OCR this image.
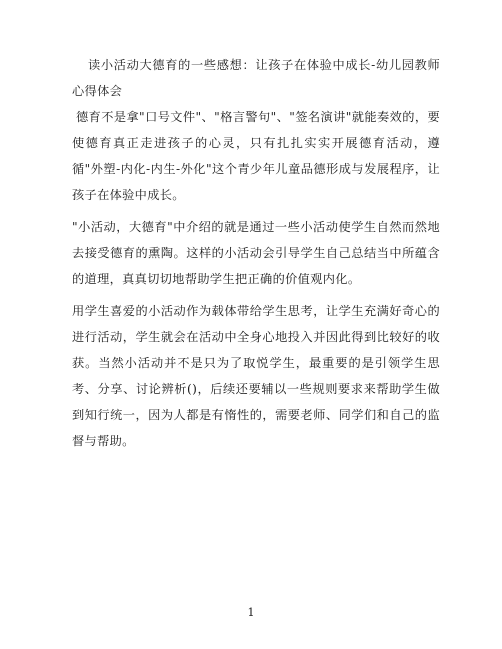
读小活动大德育的一些感想：让孩子在体验中成长-幼儿园教师心得体会

德育不是拿"口号文件"、"格言警句"、"签名演讲"就能奏效的，要使德育真正走进孩子的心灵，只有扎扎实实开展德育活动，遵循"外塑-内化-内生-外化"这个青少年儿童品德形成与发展程序，让孩子在体验中成长。

"小活动，大德育"中介绍的就是通过一些小活动使学生自然而然地去接受德育的熏陶。这样的小活动会引导学生自己总结当中所蕴含的道理，真真切切地帮助学生把正确的价值观内化。

用学生喜爱的小活动作为载体带给学生思考，让学生充满好奇心的进行活动，学生就会在活动中全身心地投入并因此得到比较好的收获。当然小活动并不是只为了取悦学生，最重要的是引领学生思考、分享、讨论辨析()，后续还要辅以一些规则要求来帮助学生做到知行统一，因为人都是有惰性的，需要老师、同学们和自己的监督与帮助。

1
